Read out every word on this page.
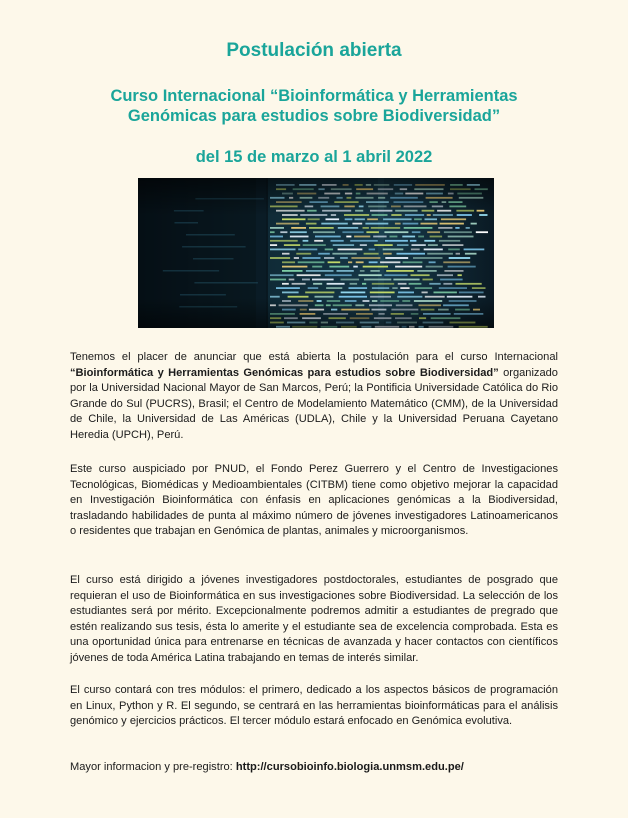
Postulación abierta
Curso Internacional “Bioinformática y Herramientas
Genómicas para estudios sobre Biodiversidad”
del 15 de marzo al 1 abril 2022

Tenemos el placer de anunciar que está abierta la postulación para el curso Internacional “Bioinformática y Herramientas Genómicas para estudios sobre Biodiversidad” organizado por la Universidad Nacional Mayor de San Marcos, Perú; la Pontificia Universidade Católica do Rio Grande do Sul (PUCRS), Brasil; el Centro de Modelamiento Matemático (CMM), de la Universidad de Chile, la Universidad de Las Américas (UDLA), Chile y la Universidad Peruana Cayetano Heredia (UPCH), Perú.

Este curso auspiciado por PNUD, el Fondo Perez Guerrero y el Centro de Investigaciones Tecnológicas, Biomédicas y Medioambientales (CITBM) tiene como objetivo mejorar la capacidad en Investigación Bioinformática con énfasis en aplicaciones genómicas a la Biodiversidad, trasladando habilidades de punta al máximo número de jóvenes investigadores Latinoamericanos o residentes que trabajan en Genómica de plantas, animales y microorganismos.

El curso está dirigido a jóvenes investigadores postdoctorales, estudiantes de posgrado que requieran el uso de Bioinformática en sus investigaciones sobre Biodiversidad. La selección de los estudiantes será por mérito. Excepcionalmente podremos admitir a estudiantes de pregrado que estén realizando sus tesis, ésta lo amerite y el estudiante sea de excelencia comprobada. Esta es una oportunidad única para entrenarse en técnicas de avanzada y hacer contactos con científicos jóvenes de toda América Latina trabajando en temas de interés similar.

El curso contará con tres módulos: el primero, dedicado a los aspectos básicos de programación en Linux, Python y R. El segundo, se centrará en las herramientas bioinformáticas para el análisis genómico y ejercicios prácticos. El tercer módulo estará enfocado en Genómica evolutiva.

Mayor informacion y pre-registro: http://cursobioinfo.biologia.unmsm.edu.pe/
